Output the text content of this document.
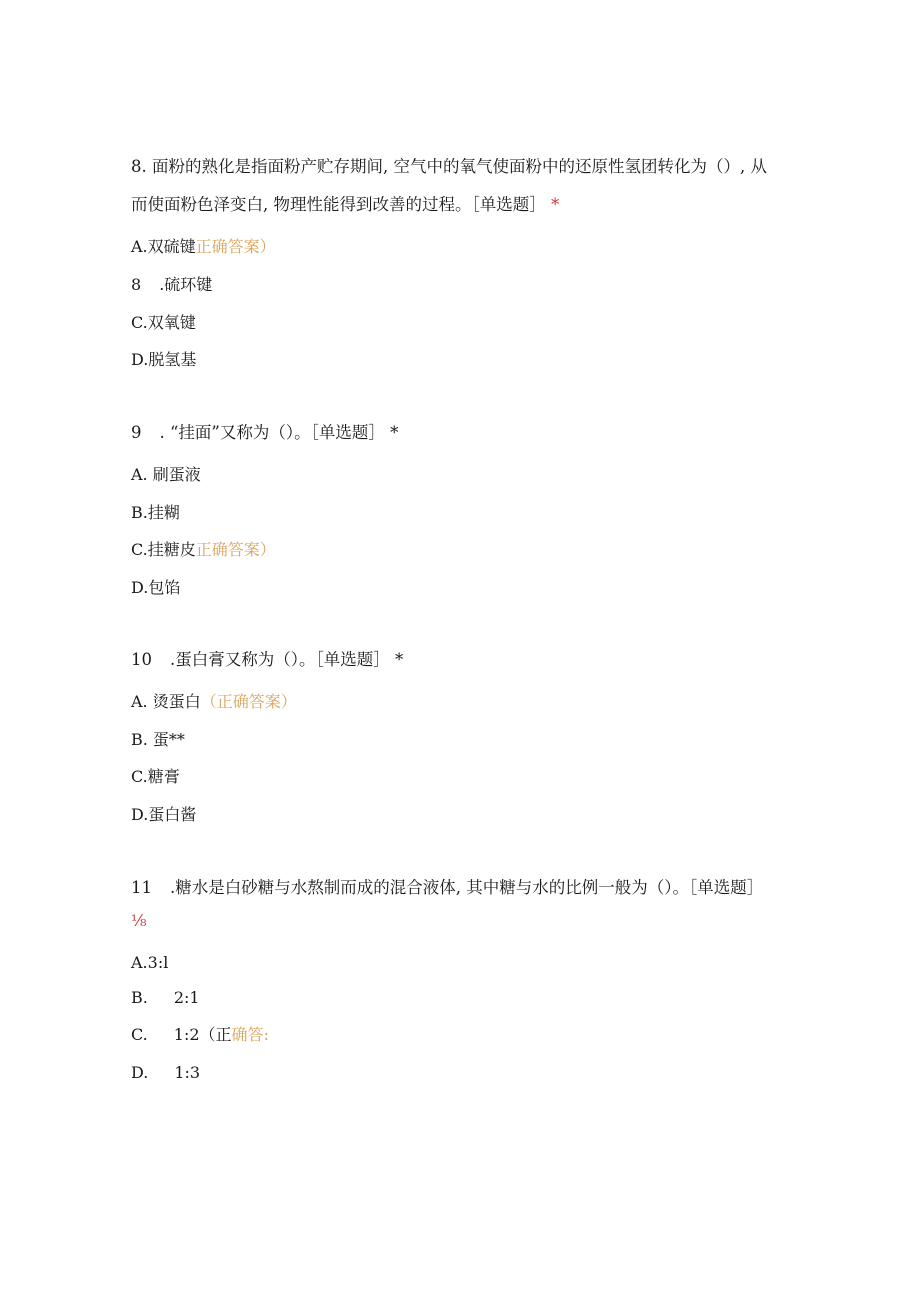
8. 面粉的熟化是指面粉产贮存期间, 空气中的氧气使面粉中的还原性氢团转化为（）, 从
而使面粉色泽变白, 物理性能得到改善的过程。［单选题］ *
A.双硫键正确答案）
8 .硫环键
C.双氧键
D.脱氢基
9 . “挂面”又称为（）。［单选题］ *
A. 刷蛋液
B.挂糊
C.挂糖皮正确答案）
D.包馅
10 .蛋白膏又称为（）。［单选题］ *
A. 烫蛋白（正确答案）
B. 蛋**
C.糖膏
D.蛋白酱
11 .糖水是白砂糖与水熬制而成的混合液体, 其中糖与水的比例一般为（）。［单选题］
⅛
A.3:l
B. 2:1
C. 1:2（正确答:
D. 1:3
